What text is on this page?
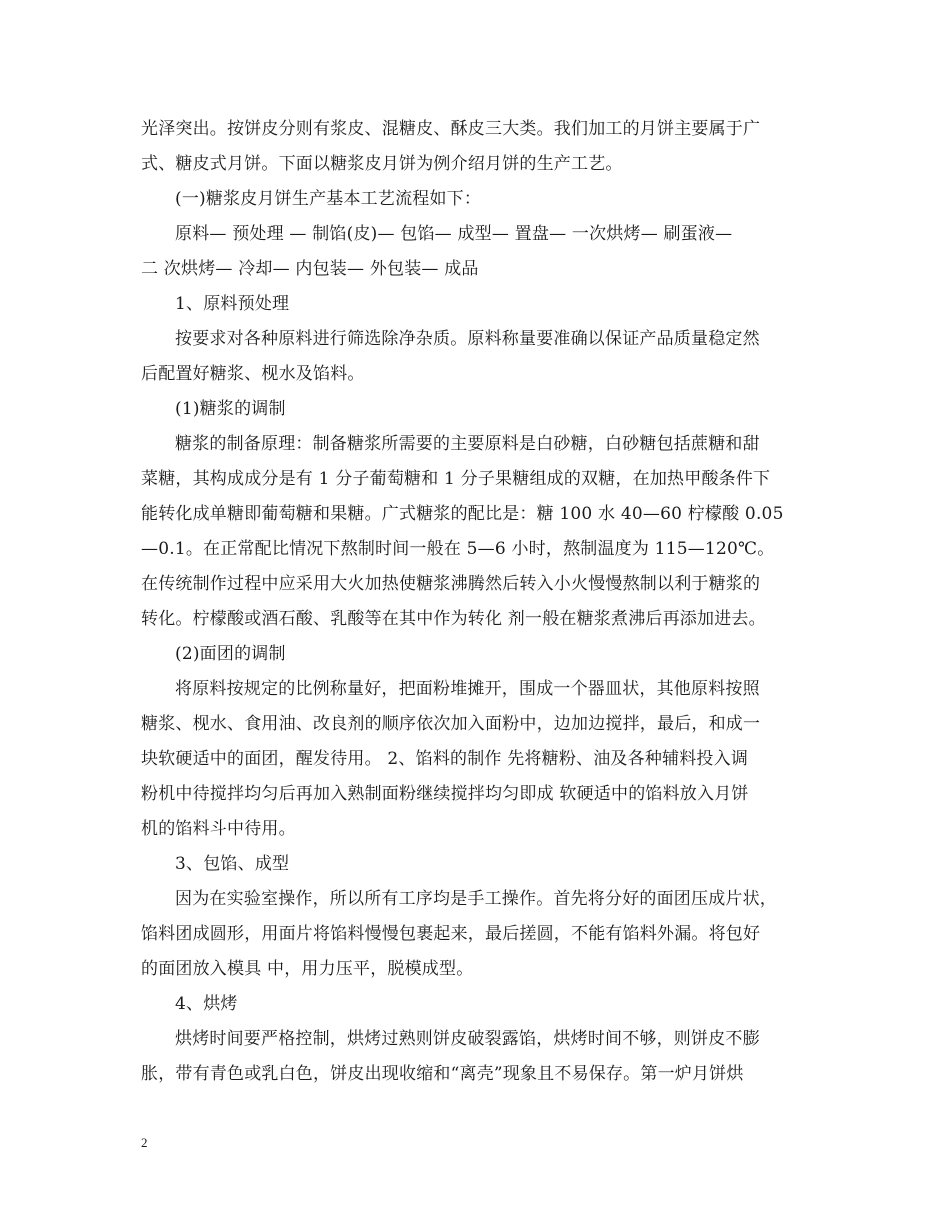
光泽突出。按饼皮分则有浆皮、混糖皮、酥皮三大类。我们加工的月饼主要属于广
式、糖皮式月饼。下面以糖浆皮月饼为例介绍月饼的生产工艺。
(一)糖浆皮月饼生产基本工艺流程如下：
原料— 预处理 — 制馅(皮)— 包馅— 成型— 置盘— 一次烘烤— 刷蛋液—
二 次烘烤— 冷却— 内包装— 外包装— 成品
1、原料预处理
按要求对各种原料进行筛选除净杂质。原料称量要准确以保证产品质量稳定然
后配置好糖浆、枧水及馅料。
(1)糖浆的调制
糖浆的制备原理：制备糖浆所需要的主要原料是白砂糖，白砂糖包括蔗糖和甜
菜糖，其构成成分是有 1 分子葡萄糖和 1 分子果糖组成的双糖，在加热甲酸条件下
能转化成单糖即葡萄糖和果糖。广式糖浆的配比是：糖 100 水 40—60 柠檬酸 0.05
—0.1。在正常配比情况下熬制时间一般在 5—6 小时，熬制温度为 115—120℃。
在传统制作过程中应采用大火加热使糖浆沸腾然后转入小火慢慢熬制以利于糖浆的
转化。柠檬酸或酒石酸、乳酸等在其中作为转化 剂一般在糖浆煮沸后再添加进去。
(2)面团的调制
将原料按规定的比例称量好，把面粉堆摊开，围成一个器皿状，其他原料按照
糖浆、枧水、食用油、改良剂的顺序依次加入面粉中，边加边搅拌，最后，和成一
块软硬适中的面团，醒发待用。 2、馅料的制作 先将糖粉、油及各种辅料投入调
粉机中待搅拌均匀后再加入熟制面粉继续搅拌均匀即成 软硬适中的馅料放入月饼
机的馅料斗中待用。
3、包馅、成型
因为在实验室操作，所以所有工序均是手工操作。首先将分好的面团压成片状，
馅料团成圆形，用面片将馅料慢慢包裹起来，最后搓圆，不能有馅料外漏。将包好
的面团放入模具 中，用力压平，脱模成型。
4、烘烤
烘烤时间要严格控制，烘烤过熟则饼皮破裂露馅，烘烤时间不够，则饼皮不膨
胀，带有青色或乳白色，饼皮出现收缩和“离壳”现象且不易保存。第一炉月饼烘
2
